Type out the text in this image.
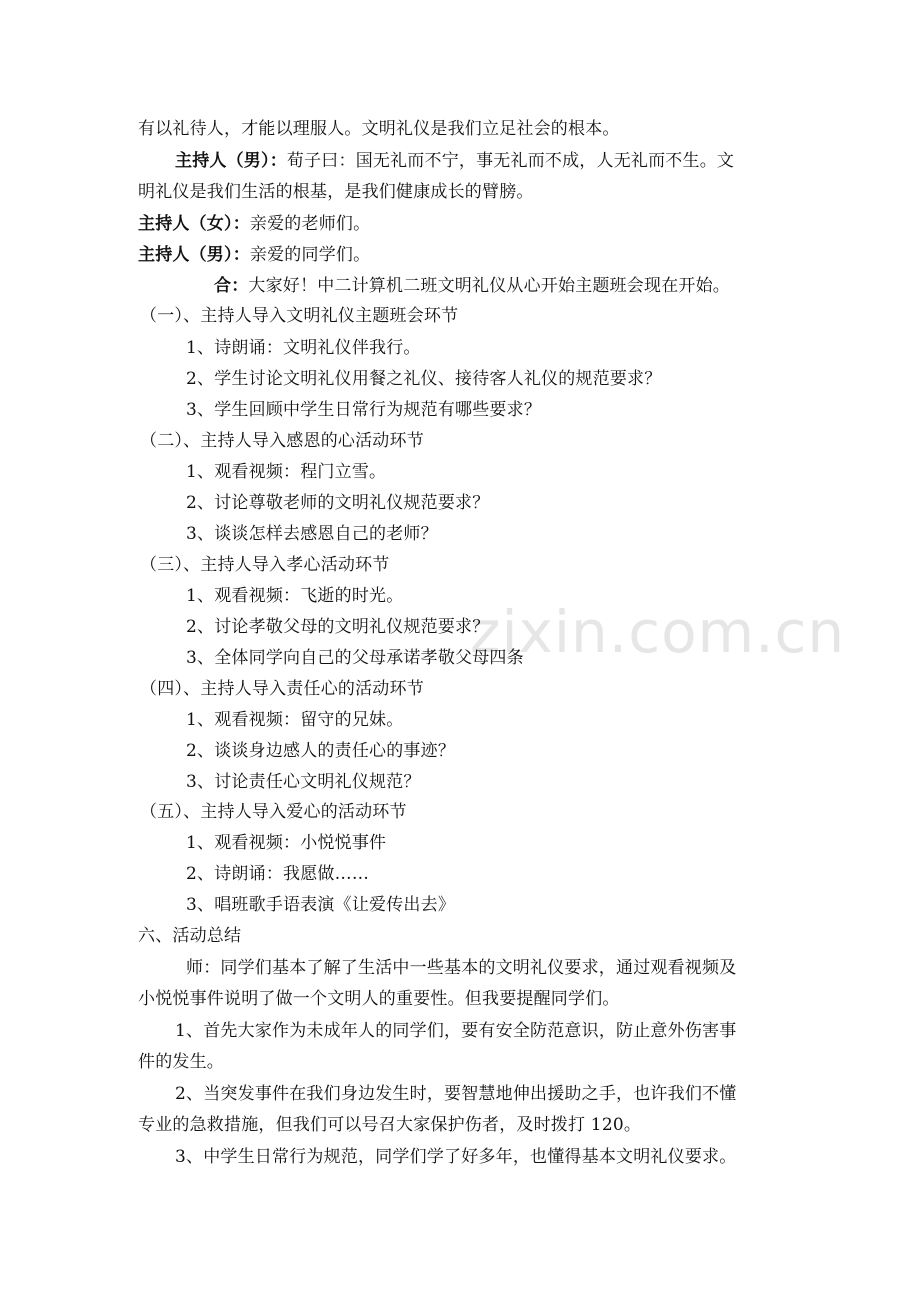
zixin.com.cn
有以礼待人，才能以理服人。文明礼仪是我们立足社会的根本。
主持人（男）：荀子曰：国无礼而不宁，事无礼而不成，人无礼而不生。文
明礼仪是我们生活的根基，是我们健康成长的臂膀。
主持人（女）：亲爱的老师们。
主持人（男）：亲爱的同学们。
合：大家好！中二计算机二班文明礼仪从心开始主题班会现在开始。
（一）、主持人导入文明礼仪主题班会环节
1、诗朗诵：文明礼仪伴我行。
2、学生讨论文明礼仪用餐之礼仪、接待客人礼仪的规范要求？
3、学生回顾中学生日常行为规范有哪些要求？
（二）、主持人导入感恩的心活动环节
1、观看视频：程门立雪。
2、讨论尊敬老师的文明礼仪规范要求？
3、谈谈怎样去感恩自己的老师？
（三）、主持人导入孝心活动环节
1、观看视频：飞逝的时光。
2、讨论孝敬父母的文明礼仪规范要求？
3、全体同学向自己的父母承诺孝敬父母四条
（四）、主持人导入责任心的活动环节
1、观看视频：留守的兄妹。
2、谈谈身边感人的责任心的事迹？
3、讨论责任心文明礼仪规范？
（五）、主持人导入爱心的活动环节
1、观看视频：小悦悦事件
2、诗朗诵：我愿做……
3、唱班歌手语表演《让爱传出去》
六、活动总结
师：同学们基本了解了生活中一些基本的文明礼仪要求，通过观看视频及
小悦悦事件说明了做一个文明人的重要性。但我要提醒同学们。
1、首先大家作为未成年人的同学们，要有安全防范意识，防止意外伤害事
件的发生。
2、当突发事件在我们身边发生时，要智慧地伸出援助之手，也许我们不懂
专业的急救措施，但我们可以号召大家保护伤者，及时拨打 120。
3、中学生日常行为规范，同学们学了好多年，也懂得基本文明礼仪要求。
